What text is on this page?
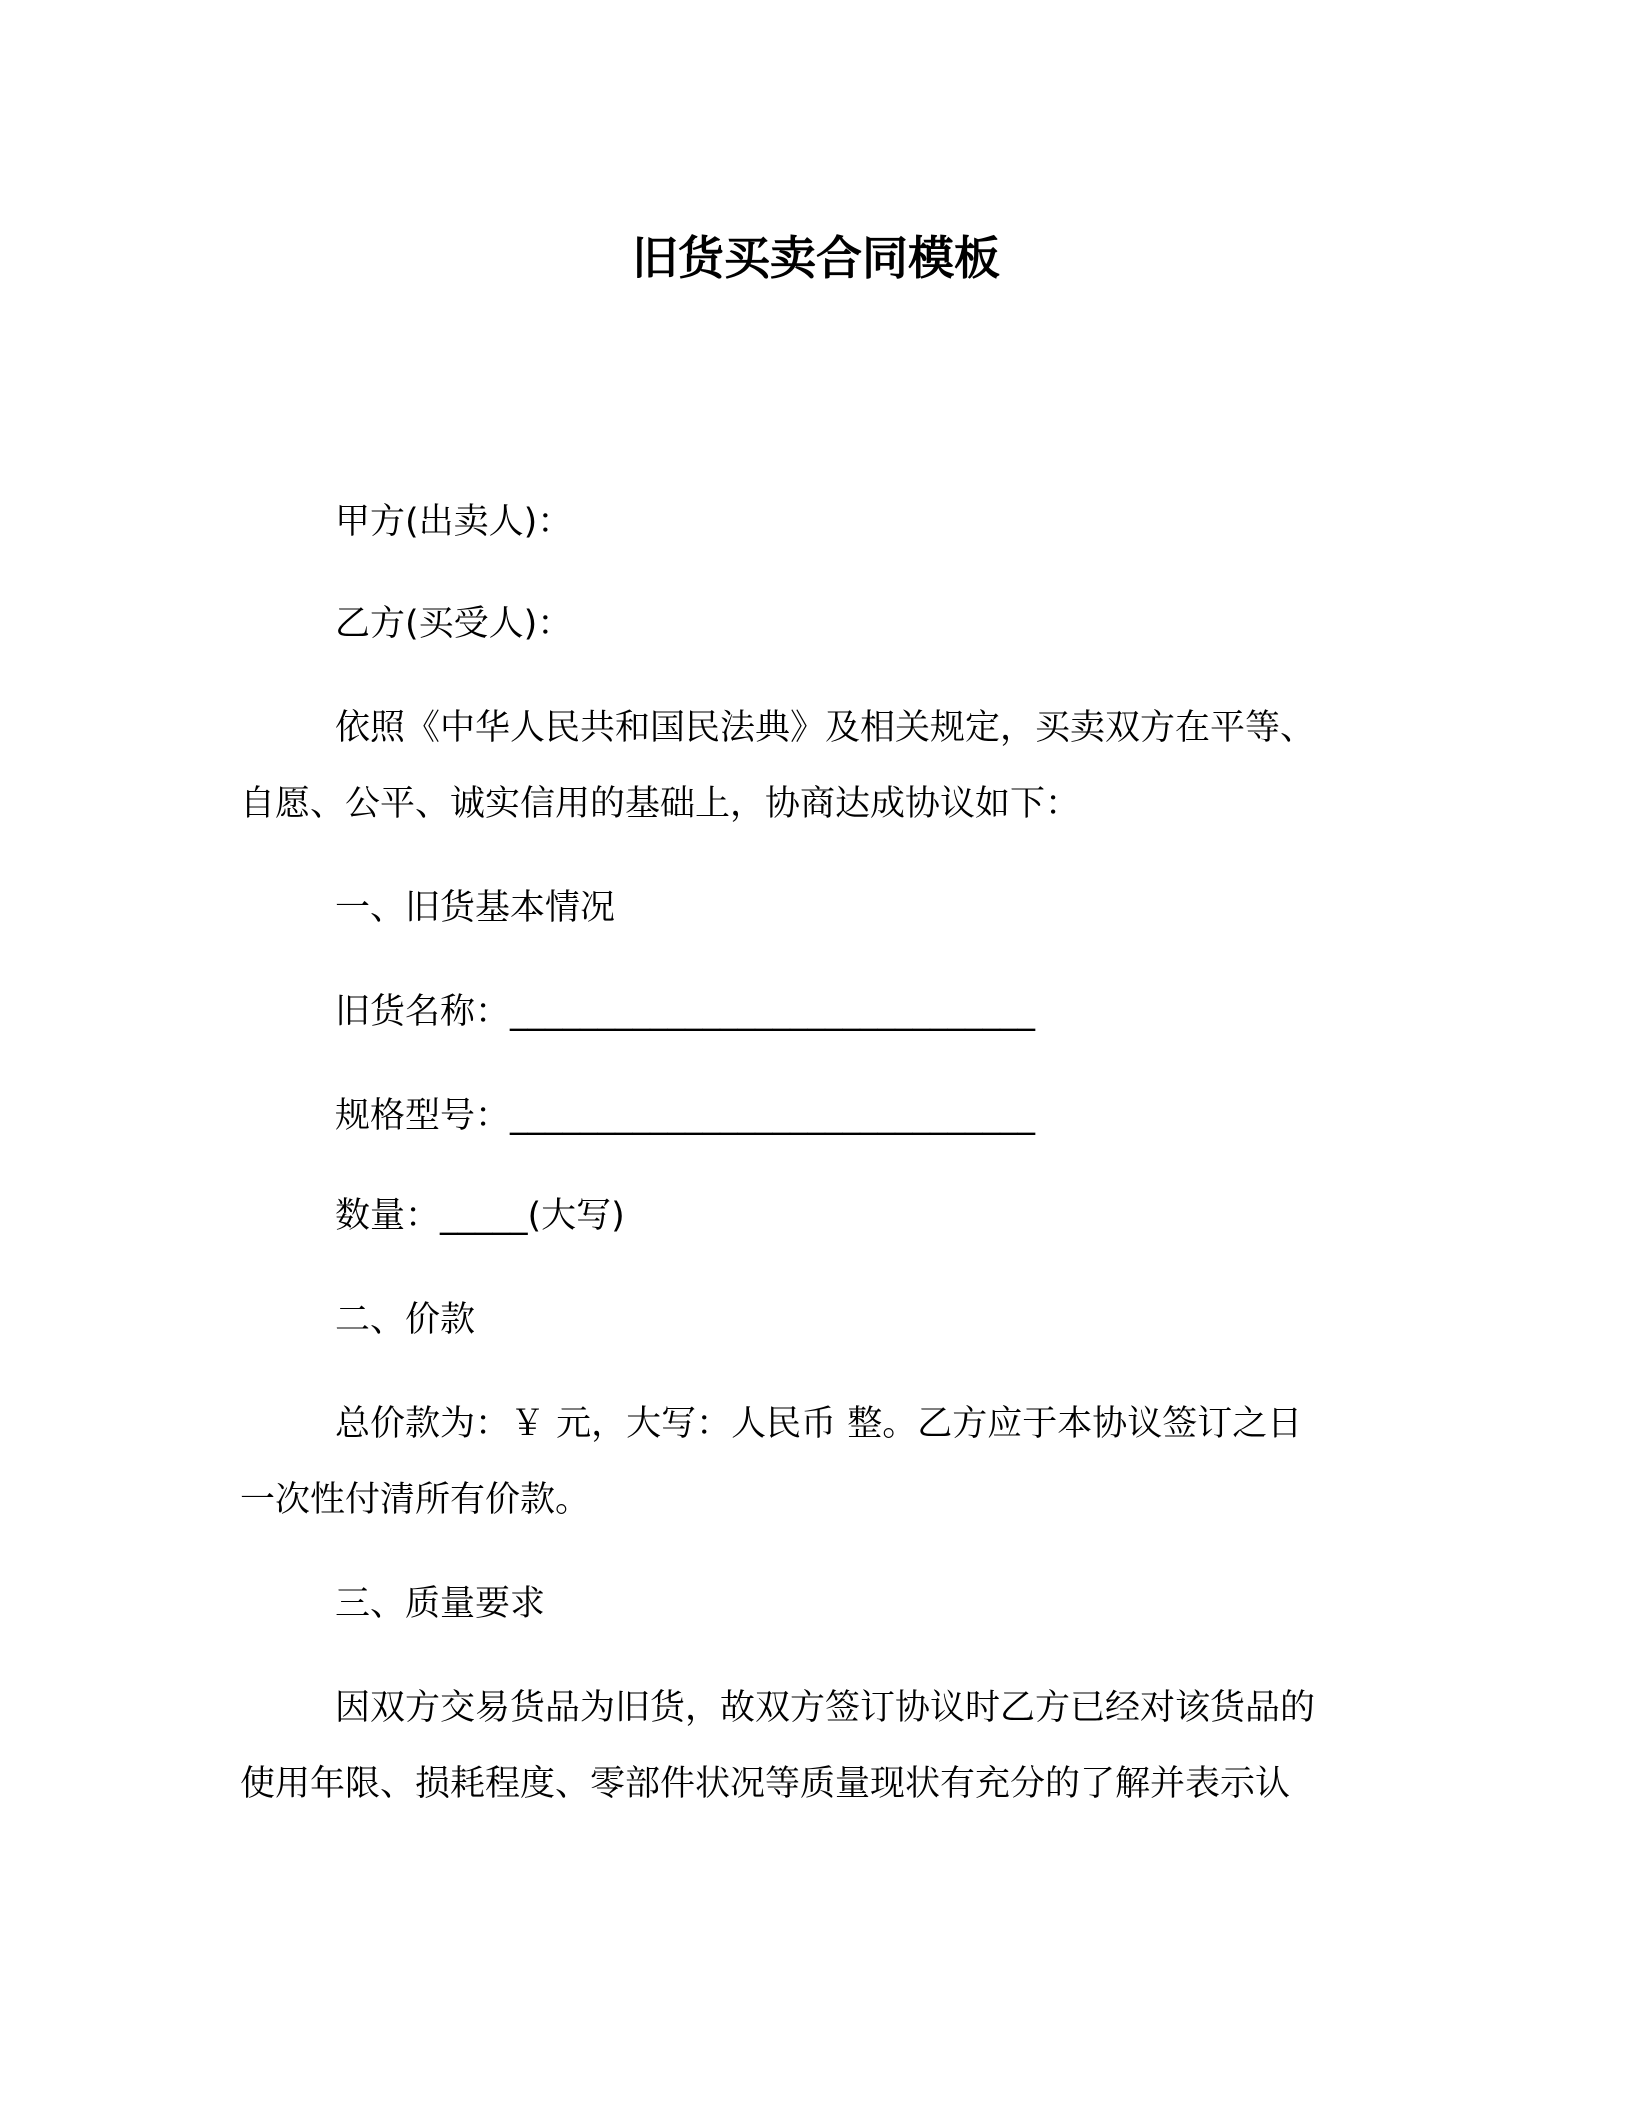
旧货买卖合同模板
甲方(出卖人)：
乙方(买受人)：
依照《中华人民共和国民法典》及相关规定，买卖双方在平等、
自愿、公平、诚实信用的基础上，协商达成协议如下：
一、旧货基本情况
旧货名称：______________________________
规格型号：______________________________
数量：_____(大写)
二、价款
总价款为：￥ 元，大写：人民币 整。乙方应于本协议签订之日
一次性付清所有价款。
三、质量要求
因双方交易货品为旧货，故双方签订协议时乙方已经对该货品的
使用年限、损耗程度、零部件状况等质量现状有充分的了解并表示认
